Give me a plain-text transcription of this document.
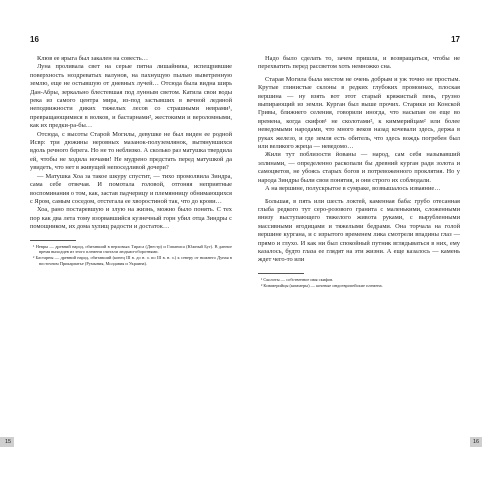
16

Клюв ее ярыга был закален на совесть…

Луна проливала свет на серые пятна лишайника, испещрившие поверхность ноздреватых валунов, на пахнущую пылью выветренную землю, еще не остывшую от дневных лучей… Отсюда была видна ширь Дан-Абры, зеркально блестевшая под лунным светом. Катила свои воды река из самого центра мира, из-под застывших в вечной ледяной неподвижности диких тяжелых лесов со страшными неврами¹, превращающимися в волков, и бастарнами², жестокими и вероломными, как их предки-ра-бы…

Отсюда, с высоты Старой Могилы, девушке не был виден ее родной Исвр: три дюжины неровных мазанок-полуземлянок, вытянувшихся вдоль речного берега. Но не то неблизко. А сколько раз матушка твердила ей, чтобы не ходила ночами! Не мудрено предстать перед матушкой да увидеть, что нет в живущей непоседливой дочери?

— Матушка Хоа за такое шкуру спустит, — тихо промолвила Зиндра, сама себе отвечая. И помотала головой, отгоняя неприятные воспоминания о том, как, застав падчерицу и племянницу обнимающихся с Яром, самым соседом, отстегала ее хворостиной так, что до крови…

Хоа, рано постаревшую и злую на жизнь, можно было понять. С тех пор как два лета тому взорвавшийся кузнечный горн убил отца Зиндры с помощником, их дома хулищ радости и достаток…

¹ Невры — древний народ, обитавший в верховьях Тираса (Днестр) и Гипаниса (Южный Буг). В данное время выходцев из этого племени считали людьми-оборотнями.

² Бастарны — древний народ, обитавший (конец III в. до н. э. по III в. н. э.) к северу от нижнего Дуная в восточном Прикарпатье (Румыния, Молдавия и Украина).

15
17

Надо было сделать то, зачем пришла, и возвращаться, чтобы не перехватить перед рассветом хоть немножко сна.

Старая Могила была местом не очень добрым и уж точно не простым. Крутые глинистые склоны в редких глубоких промоинах, плоская вершина — ну взять вот этот старый кряжистый пень, грузно выпирающий из земли. Курган был выше прочих. Старики из Конской Гривы, ближнего селения, говорили иногда, что насыпан он еще во времена, когда скифов¹ не сколотами², к киммерийцам² или более неведомыми народами, что много веков назад кочевали здесь, держа в руках железо, и где земля есть обитель, что здесь вождь погребен был или великого жреца — неведомо…

Жили тут поблизости йованы — народ, сам себя называвший эллинами, — определенно раскопали бы древний курган ради золота и самоцветов, не убоясь старых богов и потревоженного проклятия. Но у народа Зиндры были свои понятия, и они строго их соблюдали.

А на вершине, полускрытое в сумраке, возвышалось изваяние…

Большая, в пять или шесть локтей, каменная баба: грубо отесанная глыба редкого тут серо-розового гранита с маленькими, сложенными внизу выступающего тяжелого живота руками, с вырубленными массивными ягодицами и тяжелыми бедрами. Она торчала на голой вершине кургана, и с изрытого временем лика смотрели впадины глаз — прямо и глухо. И как ни был спокойный путник вглядываться в них, ему казалось, будто глаза ее глядят на эти жизни. А еще казалось — камень ждет чего-то или

¹ Сколоты — собственное имя скифов.

² Киммерийцы (киммеры) — кочевые индоевропейские племена.

16
